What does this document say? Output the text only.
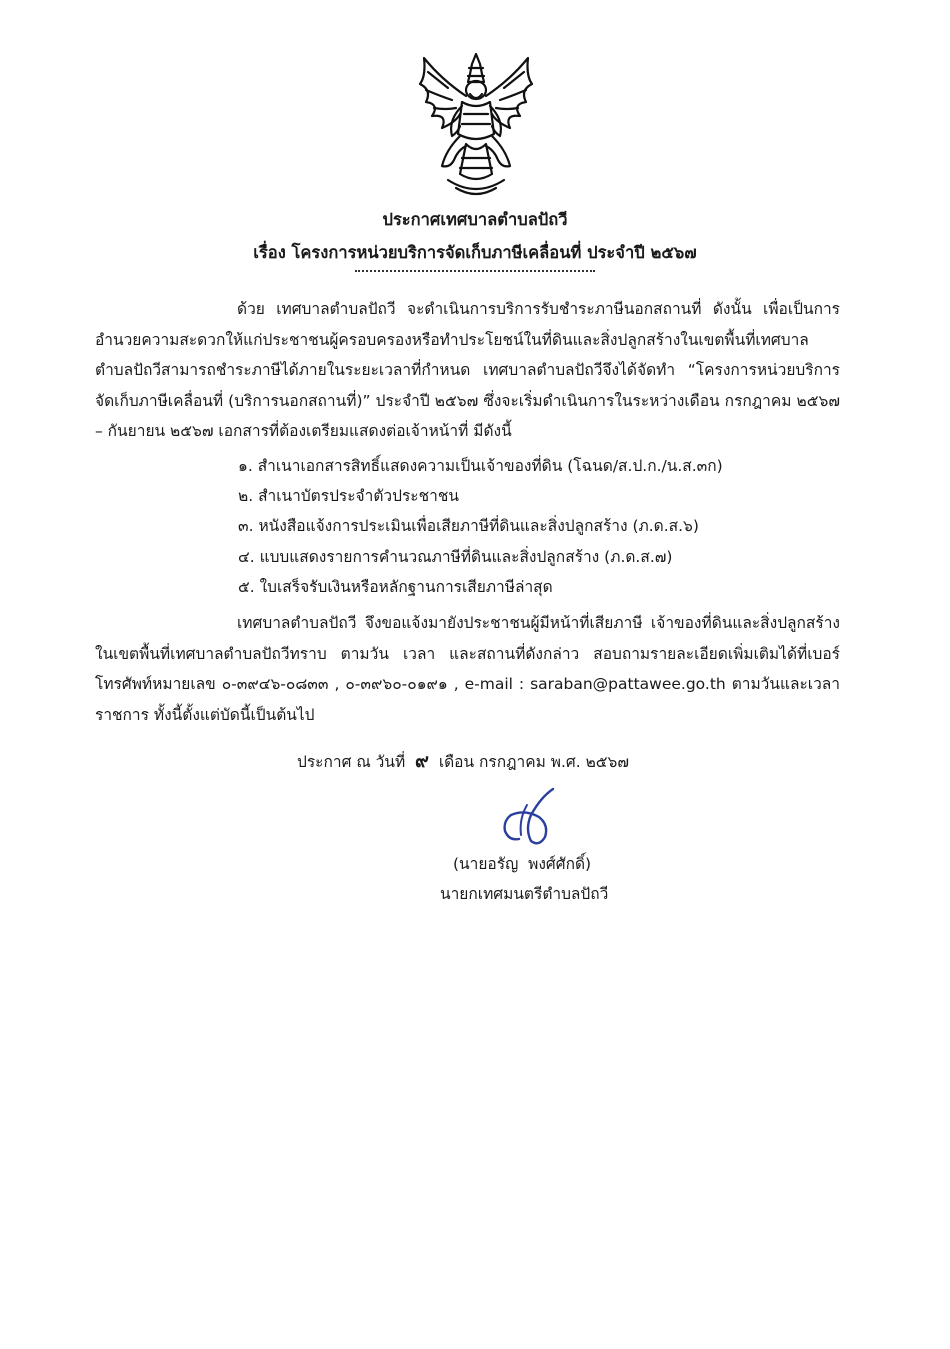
ประกาศเทศบาลตำบลปัถวี
เรื่อง โครงการหน่วยบริการจัดเก็บภาษีเคลื่อนที่ ประจำปี ๒๕๖๗

ด้วย เทศบาลตำบลปัถวี จะดำเนินการบริการรับชำระภาษีนอกสถานที่ ดังนั้น เพื่อเป็นการอำนวยความสะดวกให้แก่ประชาชนผู้ครอบครองหรือทำประโยชน์ในที่ดินและสิ่งปลูกสร้างในเขตพื้นที่เทศบาลตำบลปัถวีสามารถชำระภาษีได้ภายในระยะเวลาที่กำหนด เทศบาลตำบลปัถวีจึงได้จัดทำ “โครงการหน่วยบริการจัดเก็บภาษีเคลื่อนที่ (บริการนอกสถานที่)” ประจำปี ๒๕๖๗ ซึ่งจะเริ่มดำเนินการในระหว่างเดือน กรกฎาคม ๒๕๖๗ – กันยายน ๒๕๖๗ เอกสารที่ต้องเตรียมแสดงต่อเจ้าหน้าที่ มีดังนี้

๑. สำเนาเอกสารสิทธิ์แสดงความเป็นเจ้าของที่ดิน (โฉนด/ส.ป.ก./น.ส.๓ก)
๒. สำเนาบัตรประจำตัวประชาชน
๓. หนังสือแจ้งการประเมินเพื่อเสียภาษีที่ดินและสิ่งปลูกสร้าง (ภ.ด.ส.๖)
๔. แบบแสดงรายการคำนวณภาษีที่ดินและสิ่งปลูกสร้าง (ภ.ด.ส.๗)
๕. ใบเสร็จรับเงินหรือหลักฐานการเสียภาษีล่าสุด

เทศบาลตำบลปัถวี จึงขอแจ้งมายังประชาชนผู้มีหน้าที่เสียภาษี เจ้าของที่ดินและสิ่งปลูกสร้าง ในเขตพื้นที่เทศบาลตำบลปัถวีทราบ ตามวัน เวลา และสถานที่ดังกล่าว สอบถามรายละเอียดเพิ่มเติมได้ที่เบอร์โทรศัพท์หมายเลข ๐-๓๙๔๖-๐๘๓๓ , ๐-๓๙๖๐-๐๑๙๑ , e-mail : saraban@pattawee.go.th ตามวันและเวลาราชการ ทั้งนี้ตั้งแต่บัดนี้เป็นต้นไป

ประกาศ ณ วันที่ ๙ เดือน กรกฎาคม พ.ศ. ๒๕๖๗
(นายอรัญ  พงศ์ศักดิ์)
นายกเทศมนตรีตำบลปัถวี
